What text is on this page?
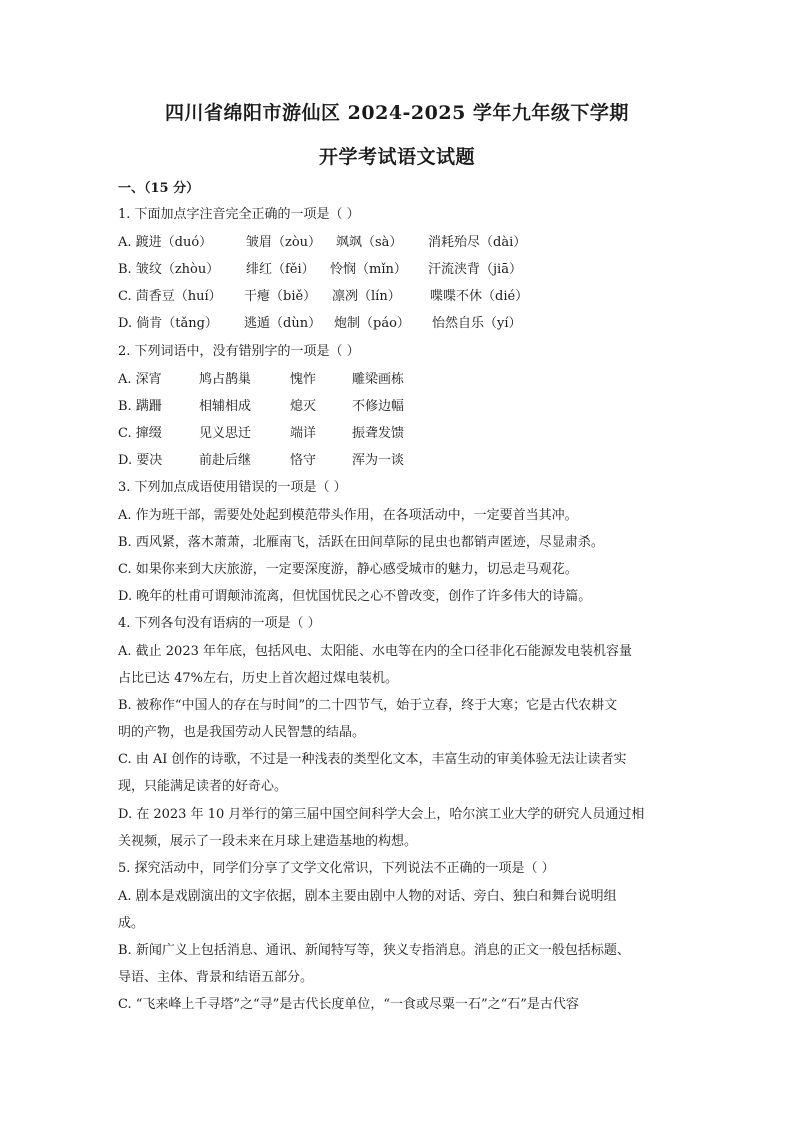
四川省绵阳市游仙区 2024-2025 学年九年级下学期
开学考试语文试题
一、（15 分）
1. 下面加点字注音完全正确的一项是（ ）
A. 踱进（duó）	皱眉（zòu） 飒飒（sà） 消耗殆尽（dài）
B. 皱纹（zhòu） 绯红（fěi） 怜悯（mǐn） 汗流浃背（jiā）
C. 茴香豆（huí） 干瘪（biě） 凛冽（lín） 喋喋不休（dié）
D. 倘肯（tǎng） 逃遁（dùn） 炮制（páo） 怡然自乐（yí）
2. 下列词语中，没有错别字的一项是（ ）
A. 深宵	鸠占鹊巢	愧怍	雕梁画栋
B. 蹒跚	相辅相成	熄灭	不修边幅
C. 撺缀	见义思迁	端详	振聋发馈
D. 要决	前赴后继	恪守	浑为一谈
3. 下列加点成语使用错误的一项是（ ）
A. 作为班干部，需要处处起到模范带头作用，在各项活动中，一定要首当其冲。
B. 西风紧，落木萧萧，北雁南飞，活跃在田间草际的昆虫也都销声匿迹，尽显肃杀。
C. 如果你来到大庆旅游，一定要深度游，静心感受城市的魅力，切忌走马观花。
D. 晚年的杜甫可谓颠沛流离，但忧国忧民之心不曾改变，创作了许多伟大的诗篇。
4. 下列各句没有语病的一项是（ ）
A. 截止 2023 年年底，包括风电、太阳能、水电等在内的全口径非化石能源发电装机容量
占比已达 47%左右，历史上首次超过煤电装机。
B. 被称作“中国人的存在与时间”的二十四节气，始于立春，终于大寒；它是古代农耕文
明的产物，也是我国劳动人民智慧的结晶。
C. 由 AI 创作的诗歌，不过是一种浅表的类型化文本，丰富生动的审美体验无法让读者实
现，只能满足读者的好奇心。
D. 在 2023 年 10 月举行的第三届中国空间科学大会上，哈尔滨工业大学的研究人员通过相
关视频，展示了一段未来在月球上建造基地的构想。
5. 探究活动中，同学们分享了文学文化常识，下列说法不正确的一项是（ ）
A. 剧本是戏剧演出的文字依据，剧本主要由剧中人物的对话、旁白、独白和舞台说明组
成。
B. 新闻广义上包括消息、通讯、新闻特写等，狭义专指消息。消息的正文一般包括标题、
导语、主体、背景和结语五部分。
C. “飞来峰上千寻塔”之“寻”是古代长度单位，“一食或尽粟一石”之“石”是古代容
